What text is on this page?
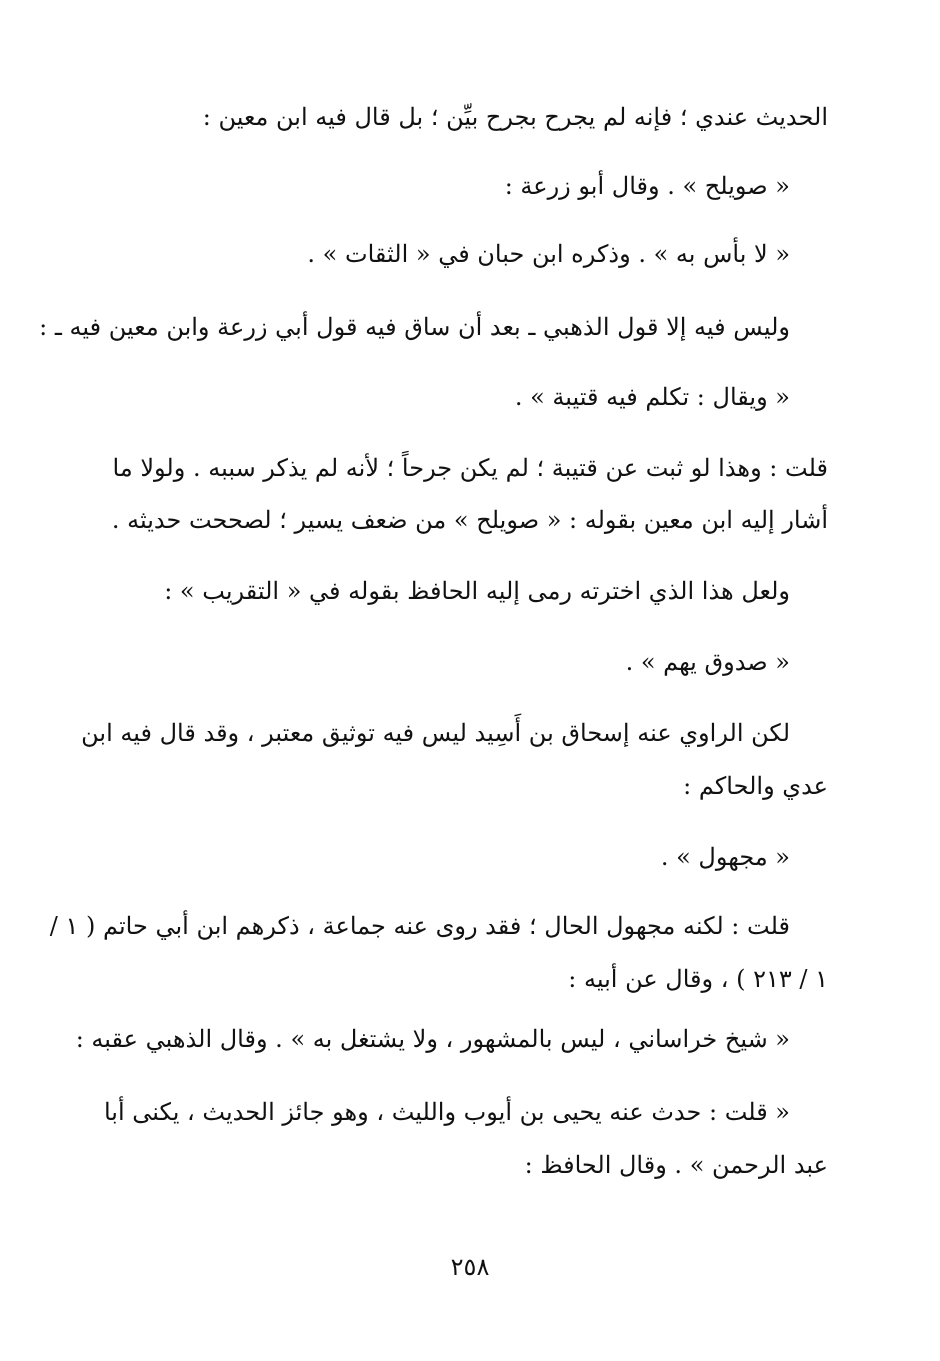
الحديث عندي ؛ فإنه لم يجرح بجرح بيِّن ؛ بل قال فيه ابن معين :
« صويلح » . وقال أبو زرعة :
« لا بأس به » . وذكره ابن حبان في « الثقات » .
وليس فيه إلا قول الذهبي ـ بعد أن ساق فيه قول أبي زرعة وابن معين فيه ـ :
« ويقال : تكلم فيه قتيبة » .
قلت : وهذا لو ثبت عن قتيبة ؛ لم يكن جرحاً ؛ لأنه لم يذكر سببه . ولولا ما
أشار إليه ابن معين بقوله : « صويلح » من ضعف يسير ؛ لصححت حديثه .
ولعل هذا الذي اخترته رمى إليه الحافظ بقوله في « التقريب » :
« صدوق يهم » .
لكن الراوي عنه إسحاق بن أَسِيد ليس فيه توثيق معتبر ، وقد قال فيه ابن
عدي والحاكم :
« مجهول » .
قلت : لكنه مجهول الحال ؛ فقد روى عنه جماعة ، ذكرهم ابن أبي حاتم ( ١ /
١ / ٢١٣ ) ، وقال عن أبيه :
« شيخ خراساني ، ليس بالمشهور ، ولا يشتغل به » . وقال الذهبي عقبه :
« قلت : حدث عنه يحيى بن أيوب والليث ، وهو جائز الحديث ، يكنى أبا
عبد الرحمن » . وقال الحافظ :
٢٥٨
